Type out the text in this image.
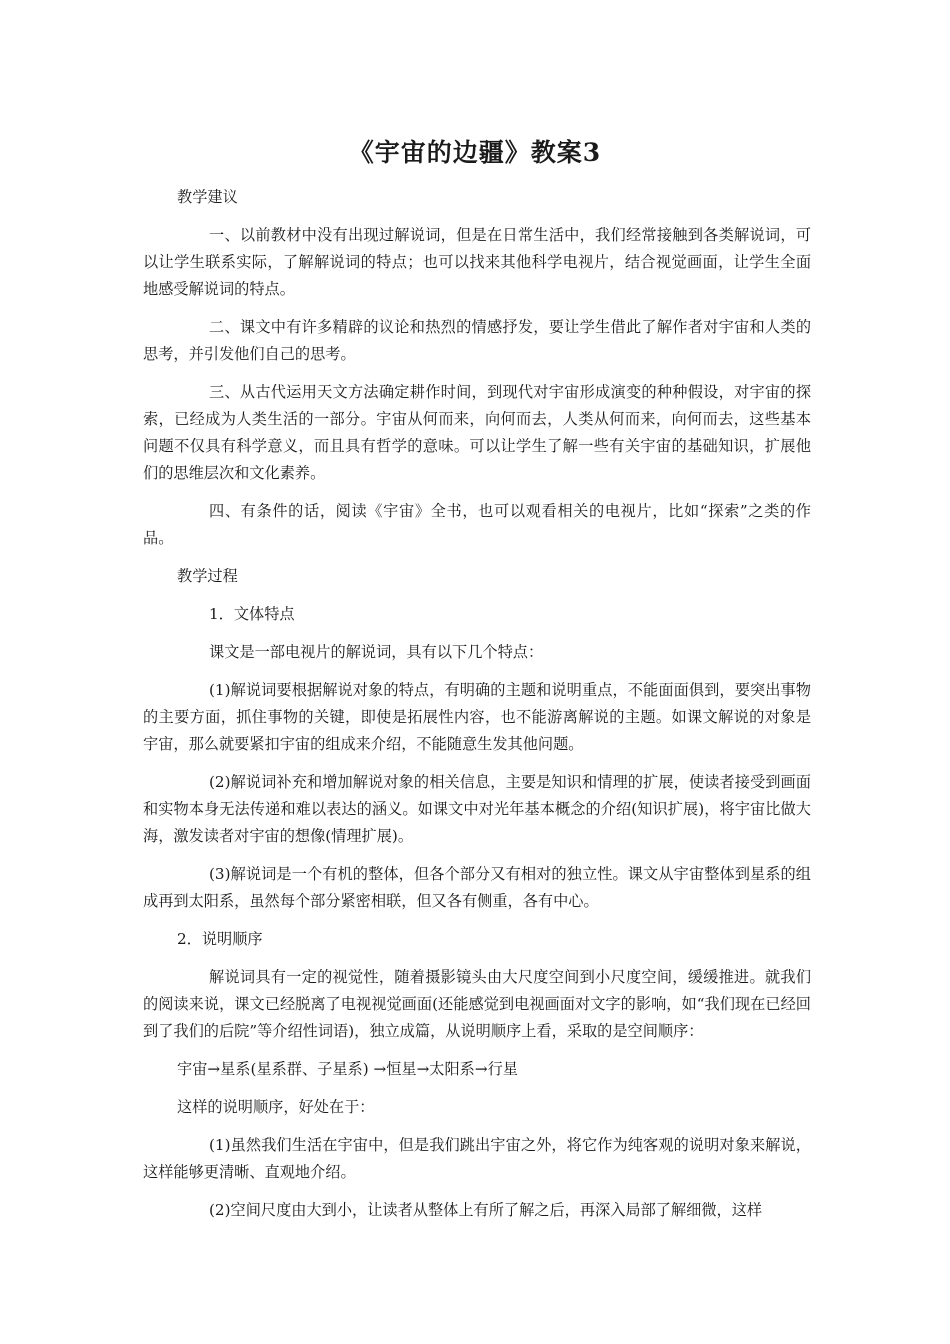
《宇宙的边疆》教案3

教学建议

一、以前教材中没有出现过解说词，但是在日常生活中，我们经常接触到各类解说词，可以让学生联系实际，了解解说词的特点；也可以找来其他科学电视片，结合视觉画面，让学生全面地感受解说词的特点。

二、课文中有许多精辟的议论和热烈的情感抒发，要让学生借此了解作者对宇宙和人类的思考，并引发他们自己的思考。

三、从古代运用天文方法确定耕作时间，到现代对宇宙形成演变的种种假设，对宇宙的探索，已经成为人类生活的一部分。宇宙从何而来，向何而去，人类从何而来，向何而去，这些基本问题不仅具有科学意义，而且具有哲学的意味。可以让学生了解一些有关宇宙的基础知识，扩展他们的思维层次和文化素养。

四、有条件的话，阅读《宇宙》全书，也可以观看相关的电视片，比如“探索”之类的作品。

教学过程

1．文体特点

课文是一部电视片的解说词，具有以下几个特点：

(1)解说词要根据解说对象的特点，有明确的主题和说明重点，不能面面俱到，要突出事物的主要方面，抓住事物的关键，即使是拓展性内容，也不能游离解说的主题。如课文解说的对象是宇宙，那么就要紧扣宇宙的组成来介绍，不能随意生发其他问题。

(2)解说词补充和增加解说对象的相关信息，主要是知识和情理的扩展，使读者接受到画面和实物本身无法传递和难以表达的涵义。如课文中对光年基本概念的介绍(知识扩展)，将宇宙比做大海，激发读者对宇宙的想像(情理扩展)。

(3)解说词是一个有机的整体，但各个部分又有相对的独立性。课文从宇宙整体到星系的组成再到太阳系，虽然每个部分紧密相联，但又各有侧重，各有中心。

2．说明顺序

解说词具有一定的视觉性，随着摄影镜头由大尺度空间到小尺度空间，缓缓推进。就我们的阅读来说，课文已经脱离了电视视觉画面(还能感觉到电视画面对文字的影响，如“我们现在已经回到了我们的后院”等介绍性词语)，独立成篇，从说明顺序上看，采取的是空间顺序：

宇宙→星系(星系群、子星系) →恒星→太阳系→行星

这样的说明顺序，好处在于：

(1)虽然我们生活在宇宙中，但是我们跳出宇宙之外，将它作为纯客观的说明对象来解说，这样能够更清晰、直观地介绍。

(2)空间尺度由大到小，让读者从整体上有所了解之后，再深入局部了解细微，这样
